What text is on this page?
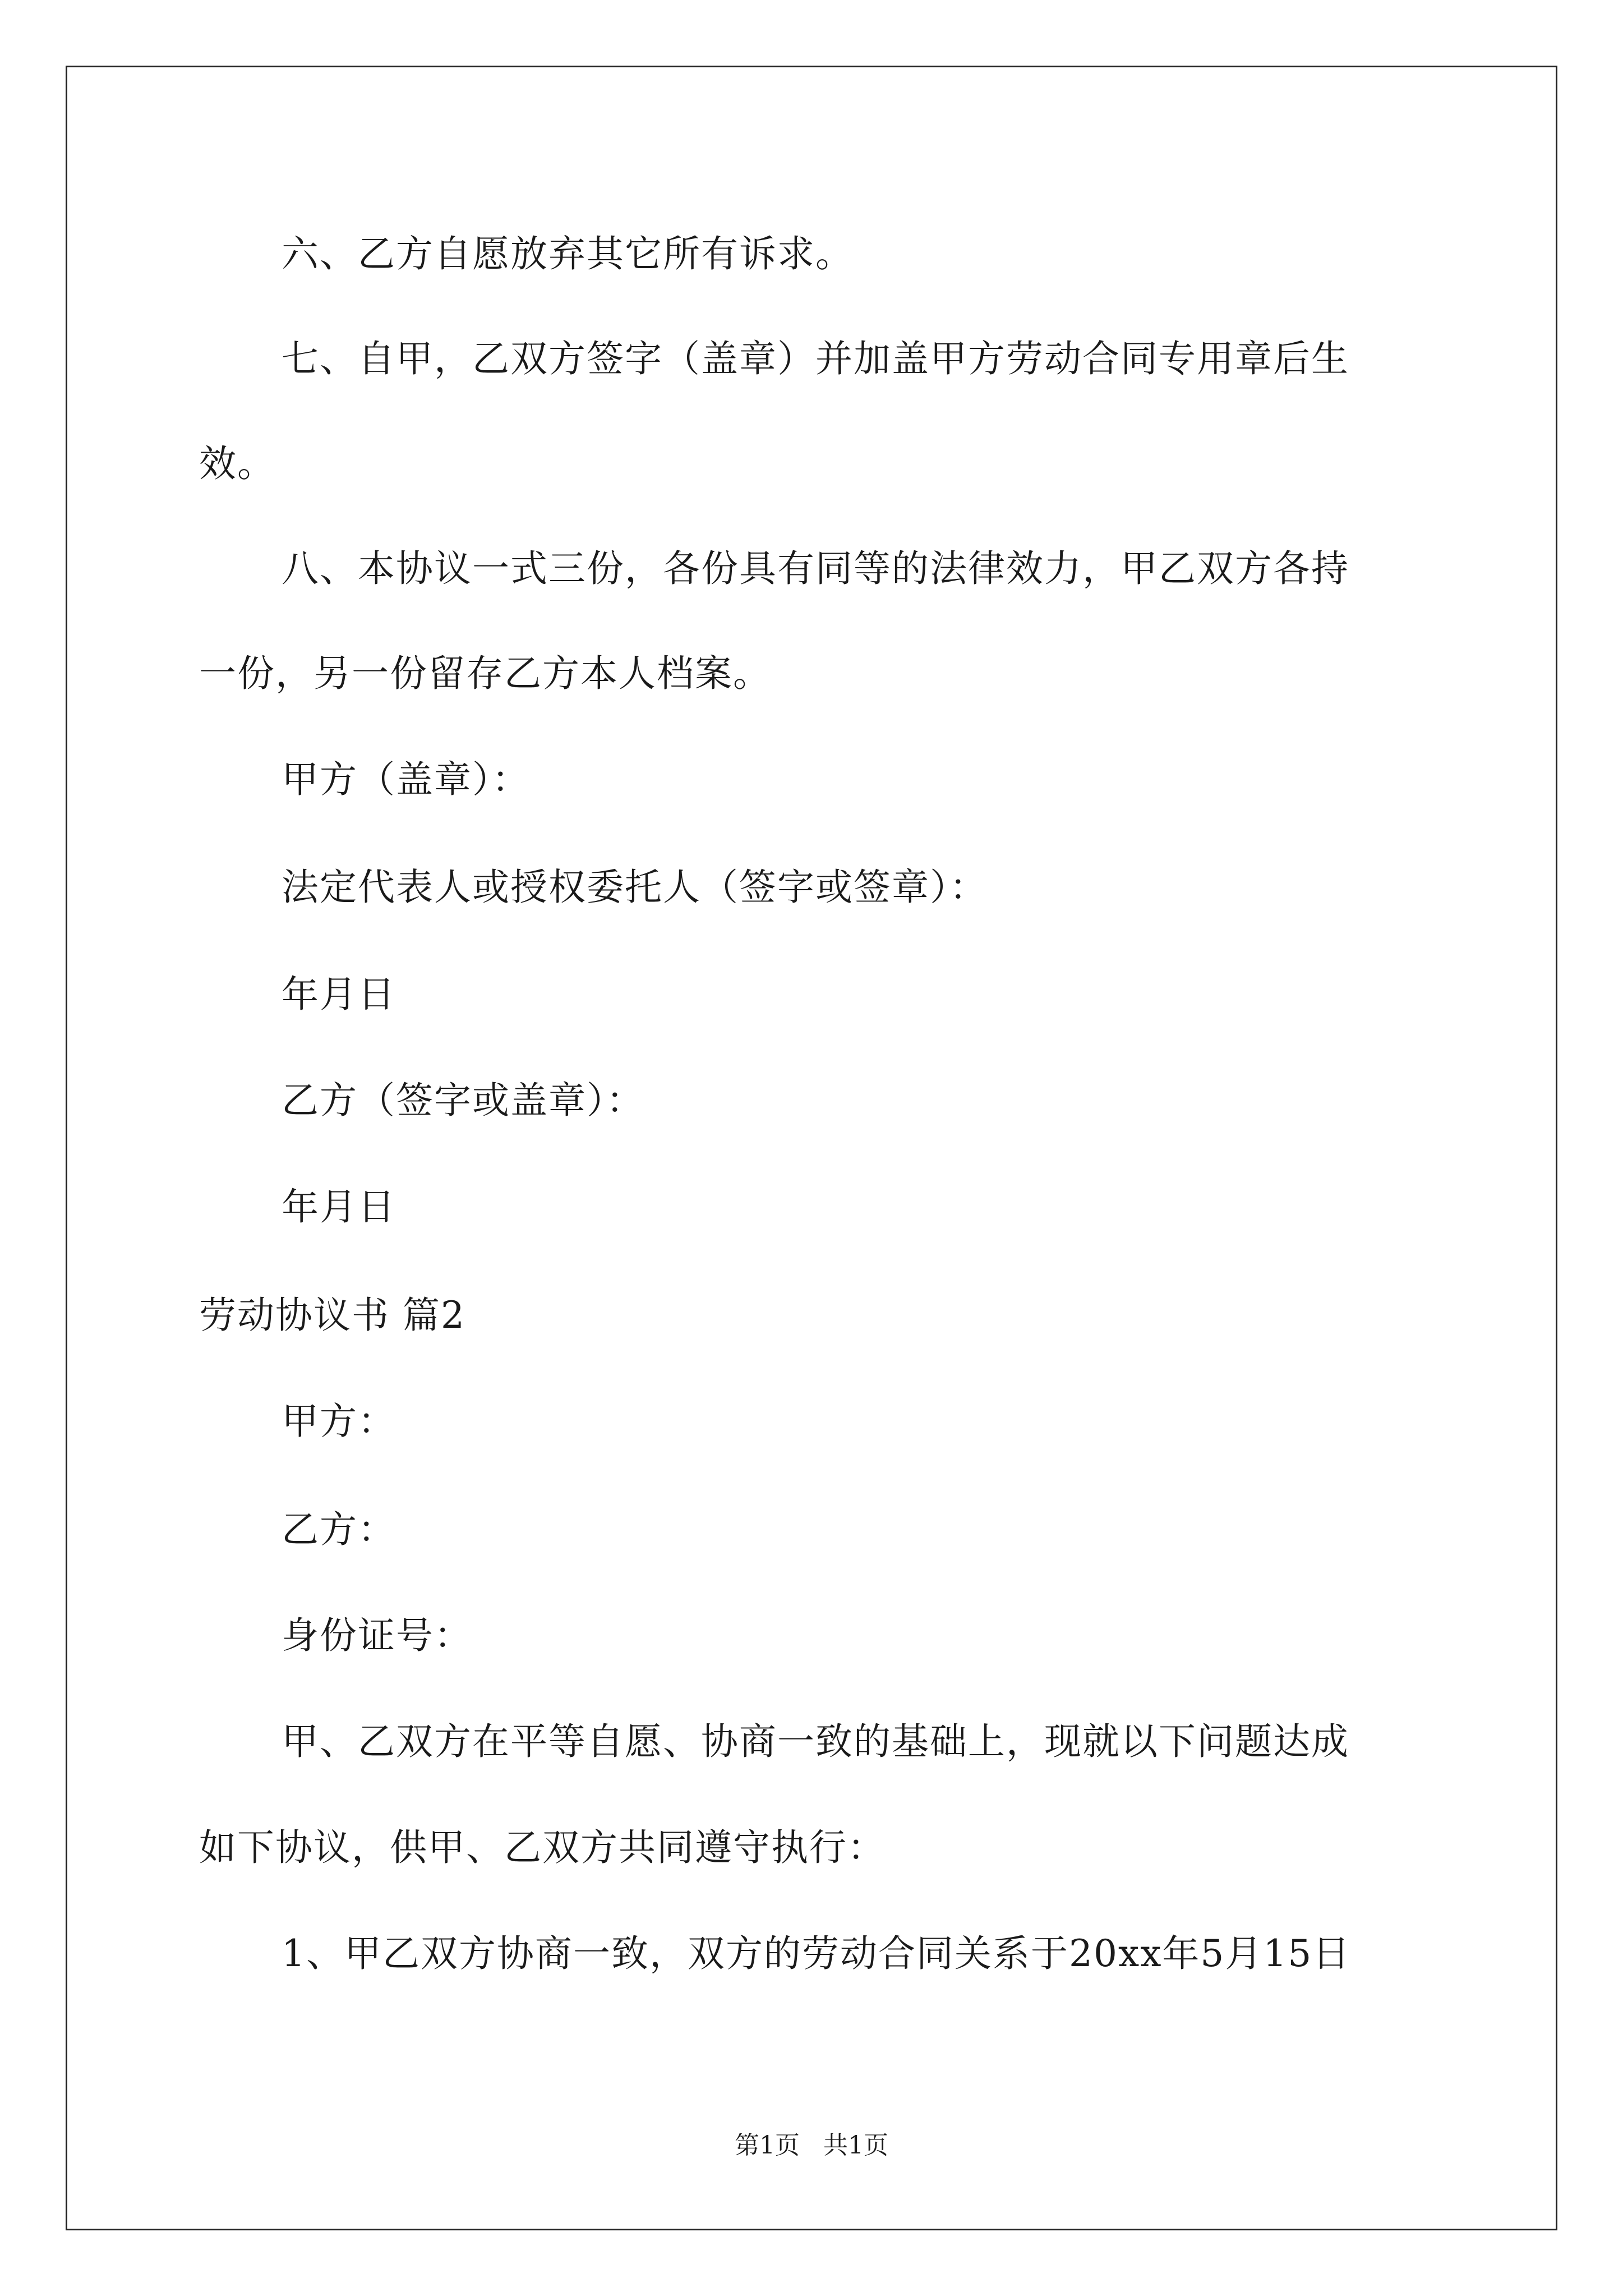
六、乙方自愿放弃其它所有诉求。
七、自甲，乙双方签字（盖章）并加盖甲方劳动合同专用章后生
效。
八、本协议一式三份，各份具有同等的法律效力，甲乙双方各持
一份，另一份留存乙方本人档案。
甲方（盖章）：
法定代表人或授权委托人（签字或签章）：
年月日
乙方（签字或盖章）：
年月日
劳动协议书 篇2
甲方：
乙方：
身份证号：
甲、乙双方在平等自愿、协商一致的基础上，现就以下问题达成
如下协议，供甲、乙双方共同遵守执行：
1、甲乙双方协商一致，双方的劳动合同关系于20xx年5月15日
第1页 共1页
